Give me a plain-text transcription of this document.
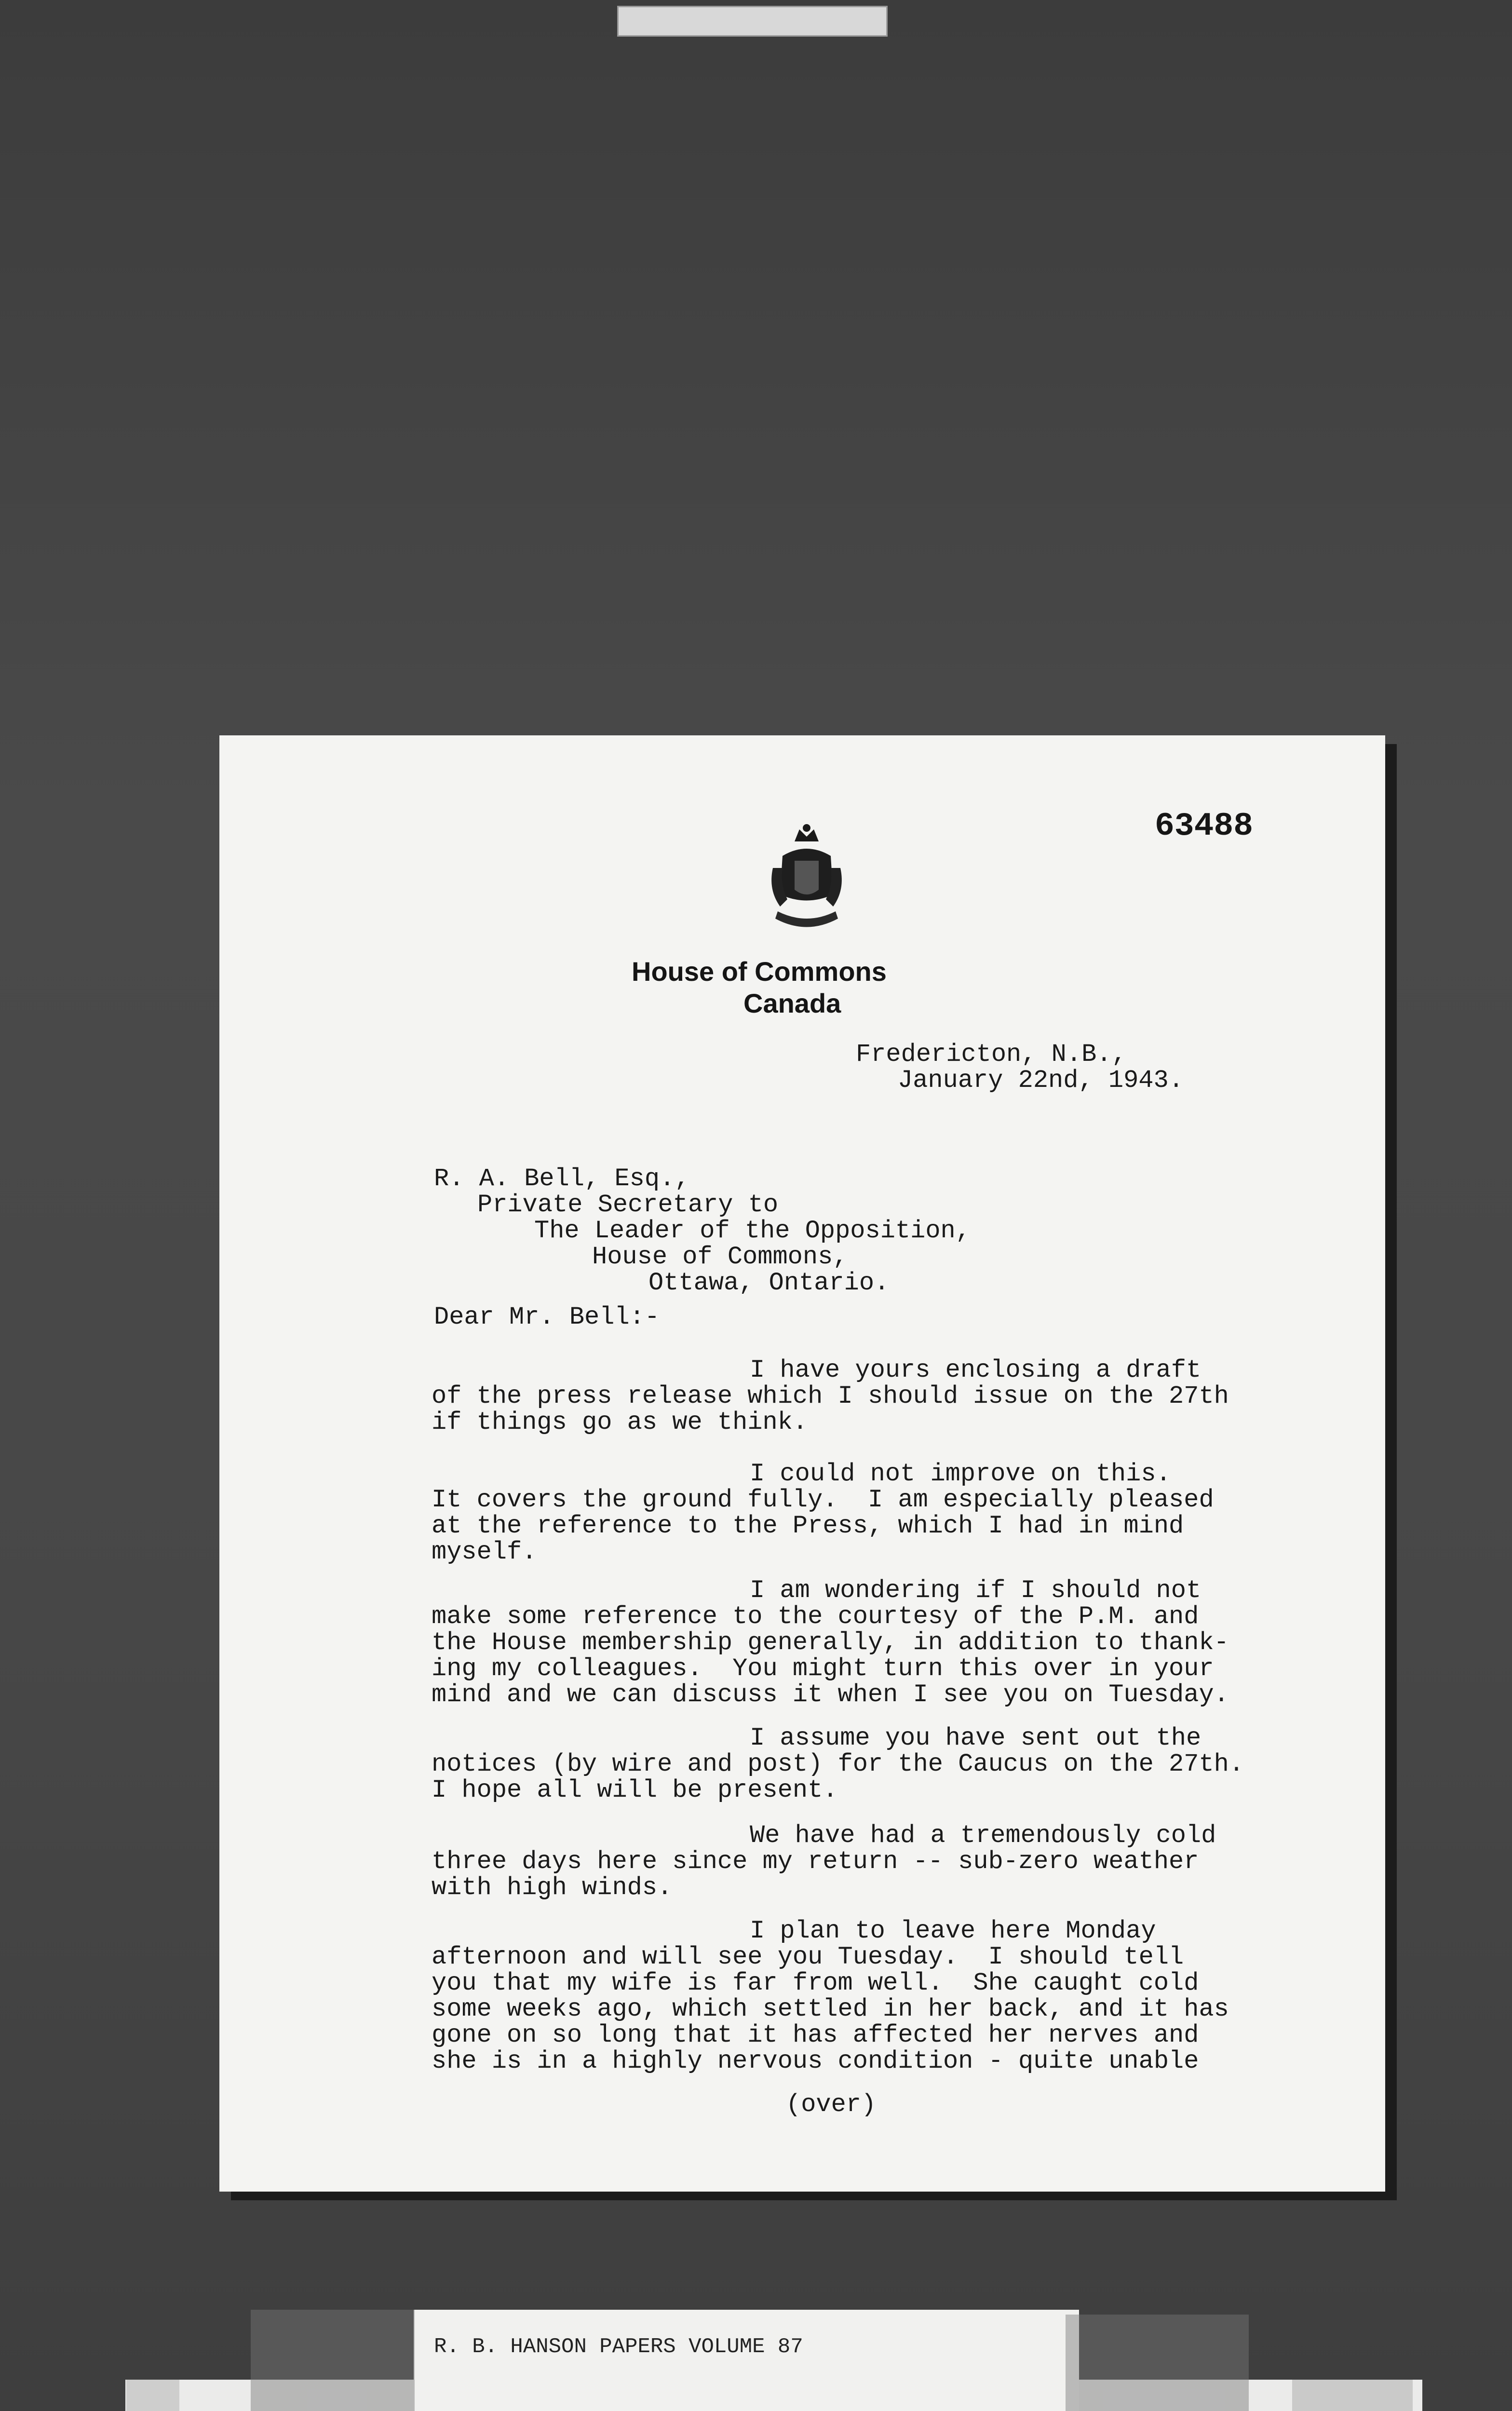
63488
House of Commons
Canada
Fredericton, N.B.,
January 22nd, 1943.
R. A. Bell, Esq.,
Private Secretary to
The Leader of the Opposition,
House of Commons,
Ottawa, Ontario.
Dear Mr. Bell:-
I have yours enclosing a draft
of the press release which I should issue on the 27th
if things go as we think.
I could not improve on this.
It covers the ground fully.  I am especially pleased
at the reference to the Press, which I had in mind
myself.
I am wondering if I should not
make some reference to the courtesy of the P.M. and
the House membership generally, in addition to thank-
ing my colleagues.  You might turn this over in your
mind and we can discuss it when I see you on Tuesday.
I assume you have sent out the
notices (by wire and post) for the Caucus on the 27th.
I hope all will be present.
We have had a tremendously cold
three days here since my return -- sub-zero weather
with high winds.
I plan to leave here Monday
afternoon and will see you Tuesday.  I should tell
you that my wife is far from well.  She caught cold
some weeks ago, which settled in her back, and it has
gone on so long that it has affected her nerves and
she is in a highly nervous condition - quite unable
(over)
R. B. HANSON PAPERS VOLUME 87
